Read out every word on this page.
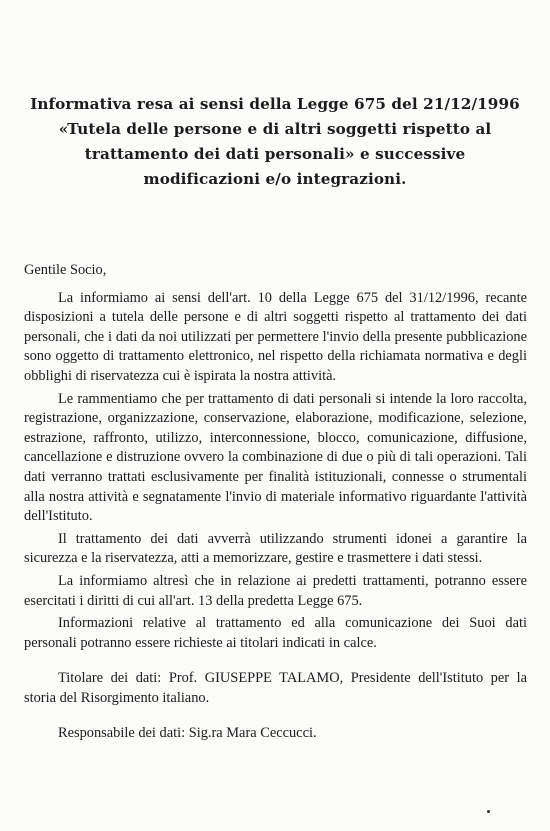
Informativa resa ai sensi della Legge 675 del 21/12/1996
«Tutela delle persone e di altri soggetti rispetto al
trattamento dei dati personali» e successive
modificazioni e/o integrazioni.

Gentile Socio,

La informiamo ai sensi dell'art. 10 della Legge 675 del 31/12/1996, recante disposizioni a tutela delle persone e di altri soggetti rispetto al trattamento dei dati personali, che i dati da noi utilizzati per permettere l'invio della presente pubblicazione sono oggetto di trattamento elettronico, nel rispetto della richiamata normativa e degli obblighi di riservatezza cui è ispirata la nostra attività.

Le rammentiamo che per trattamento di dati personali si intende la loro raccolta, registrazione, organizzazione, conservazione, elaborazione, modificazione, selezione, estrazione, raffronto, utilizzo, interconnessione, blocco, comunicazione, diffusione, cancellazione e distruzione ovvero la combinazione di due o più di tali operazioni. Tali dati verranno trattati esclusivamente per finalità istituzionali, connesse o strumentali alla nostra attività e segnatamente l'invio di materiale informativo riguardante l'attività dell'Istituto.

Il trattamento dei dati avverrà utilizzando strumenti idonei a garantire la sicurezza e la riservatezza, atti a memorizzare, gestire e trasmettere i dati stessi.

La informiamo altresì che in relazione ai predetti trattamenti, potranno essere esercitati i diritti di cui all'art. 13 della predetta Legge 675.

Informazioni relative al trattamento ed alla comunicazione dei Suoi dati personali potranno essere richieste ai titolari indicati in calce.

Titolare dei dati: Prof. GIUSEPPE TALAMO, Presidente dell'Istituto per la storia del Risorgimento italiano.

Responsabile dei dati: Sig.ra Mara Ceccucci.
